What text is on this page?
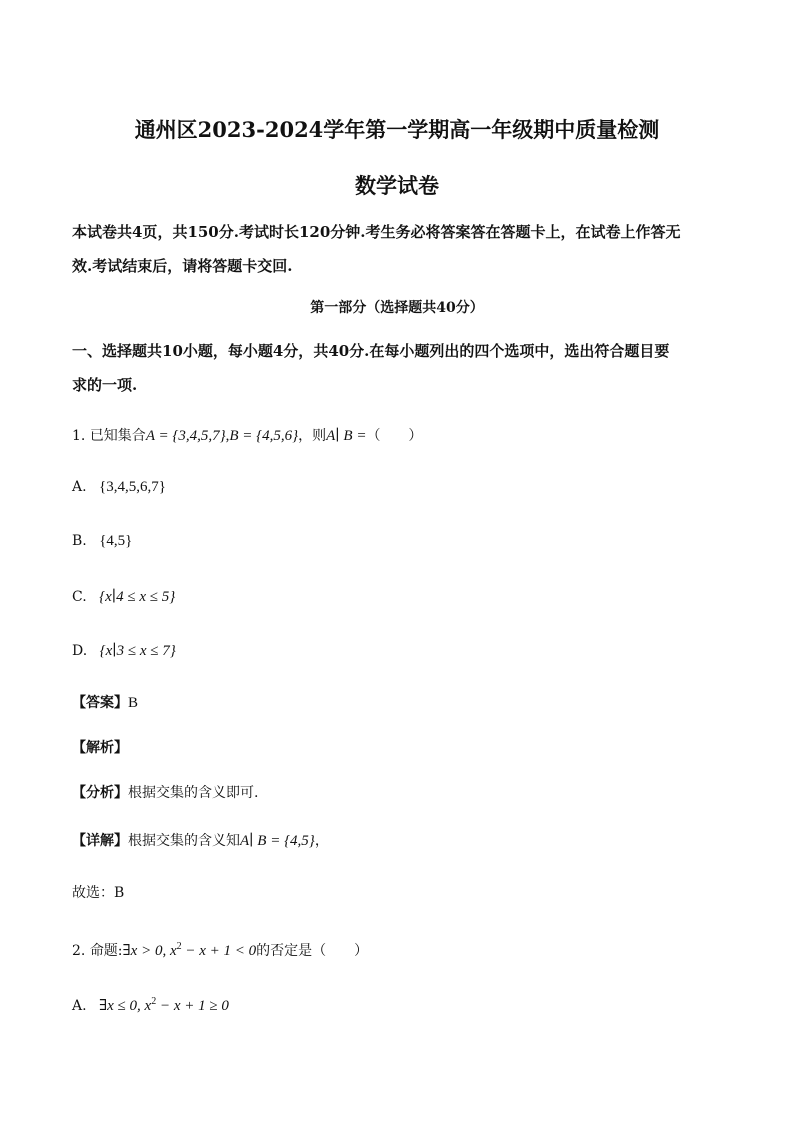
通州区2023-2024学年第一学期高一年级期中质量检测
数学试卷
本试卷共4页，共150分.考试时长120分钟.考生务必将答案答在答题卡上，在试卷上作答无
效.考试结束后，请将答题卡交回.
第一部分（选择题共40分）
一、选择题共10小题，每小题4分，共40分.在每小题列出的四个选项中，选出符合题目要
求的一项.
1. 已知集合A = {3,4,5,7},B = {4,5,6}，则A∣ B =（　　）
A. {3,4,5,6,7}
B. {4,5}
C. {x∣4 ≤ x ≤ 5}
D. {x∣3 ≤ x ≤ 7}
【答案】B
【解析】
【分析】根据交集的含义即可.
【详解】根据交集的含义知A∣ B = {4,5}，
故选：B
2. 命题:∃x > 0, $x^2 - x + 1 < 0$的否定是（　　）
A. ∃x ≤ 0, $x^2 - x + 1 \ge 0$
